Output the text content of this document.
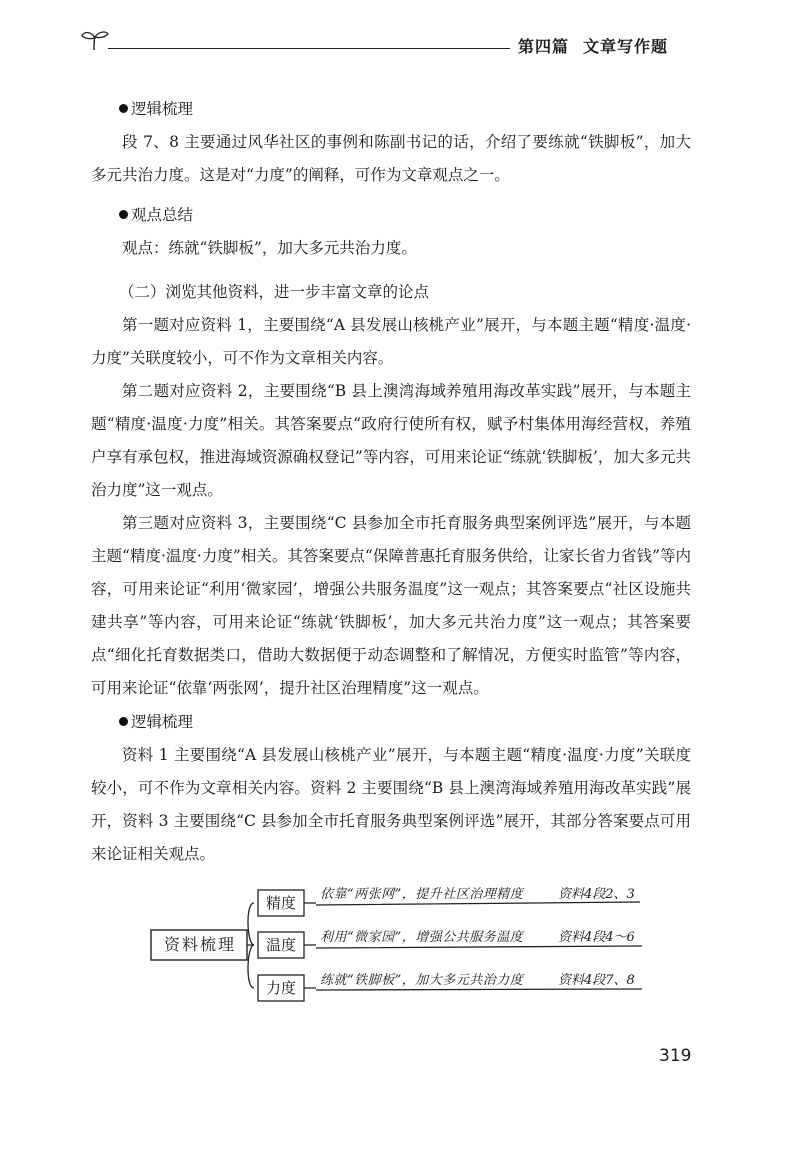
第四篇 文章写作题
逻辑梳理

段 7、8 主要通过风华社区的事例和陈副书记的话，介绍了要练就“铁脚板”，加大多元共治力度。这是对“力度”的阐释，可作为文章观点之一。

观点总结

观点：练就“铁脚板”，加大多元共治力度。

（二）浏览其他资料，进一步丰富文章的论点

第一题对应资料 1，主要围绕“A 县发展山核桃产业”展开，与本题主题“精度·温度·力度”关联度较小，可不作为文章相关内容。

第二题对应资料 2，主要围绕“B 县上澳湾海域养殖用海改革实践”展开，与本题主题“精度·温度·力度”相关。其答案要点“政府行使所有权，赋予村集体用海经营权，养殖户享有承包权，推进海域资源确权登记”等内容，可用来论证“练就‘铁脚板’，加大多元共治力度”这一观点。

第三题对应资料 3，主要围绕“C 县参加全市托育服务典型案例评选”展开，与本题主题“精度·温度·力度”相关。其答案要点“保障普惠托育服务供给，让家长省力省钱”等内容，可用来论证“利用‘微家园’，增强公共服务温度”这一观点；其答案要点“社区设施共建共享”等内容，可用来论证“练就‘铁脚板’，加大多元共治力度”这一观点；其答案要点“细化托育数据类口，借助大数据便于动态调整和了解情况，方便实时监管”等内容，可用来论证“依靠‘两张网’，提升社区治理精度”这一观点。

逻辑梳理

资料 1 主要围绕“A 县发展山核桃产业”展开，与本题主题“精度·温度·力度”关联度较小，可不作为文章相关内容。资料 2 主要围绕“B 县上澳湾海域养殖用海改革实践”展开，资料 3 主要围绕“C 县参加全市托育服务典型案例评选”展开，其部分答案要点可用来论证相关观点。

资料梳理
精度	依靠“两张网”，提升社区治理精度	资料4段2、3
温度	利用“微家园”，增强公共服务温度	资料4段4～6
力度	练就“铁脚板”，加大多元共治力度	资料4段7、8
319
